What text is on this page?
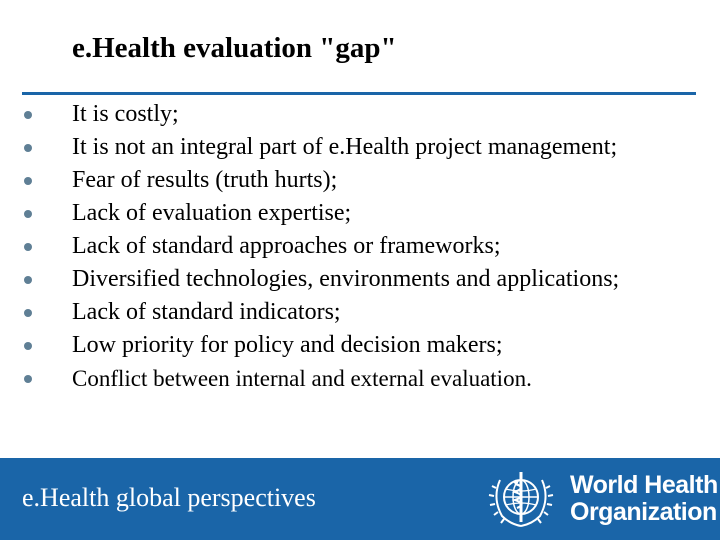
e.Health evaluation "gap"
It is costly;
It is not an integral part of e.Health project management;
Fear of results (truth hurts);
Lack of evaluation expertise;
Lack of standard approaches or frameworks;
Diversified technologies, environments and applications;
Lack of standard indicators;
Low priority for policy and decision makers;
Conflict between internal and external evaluation.
e.Health global perspectives	World Health
Organization
